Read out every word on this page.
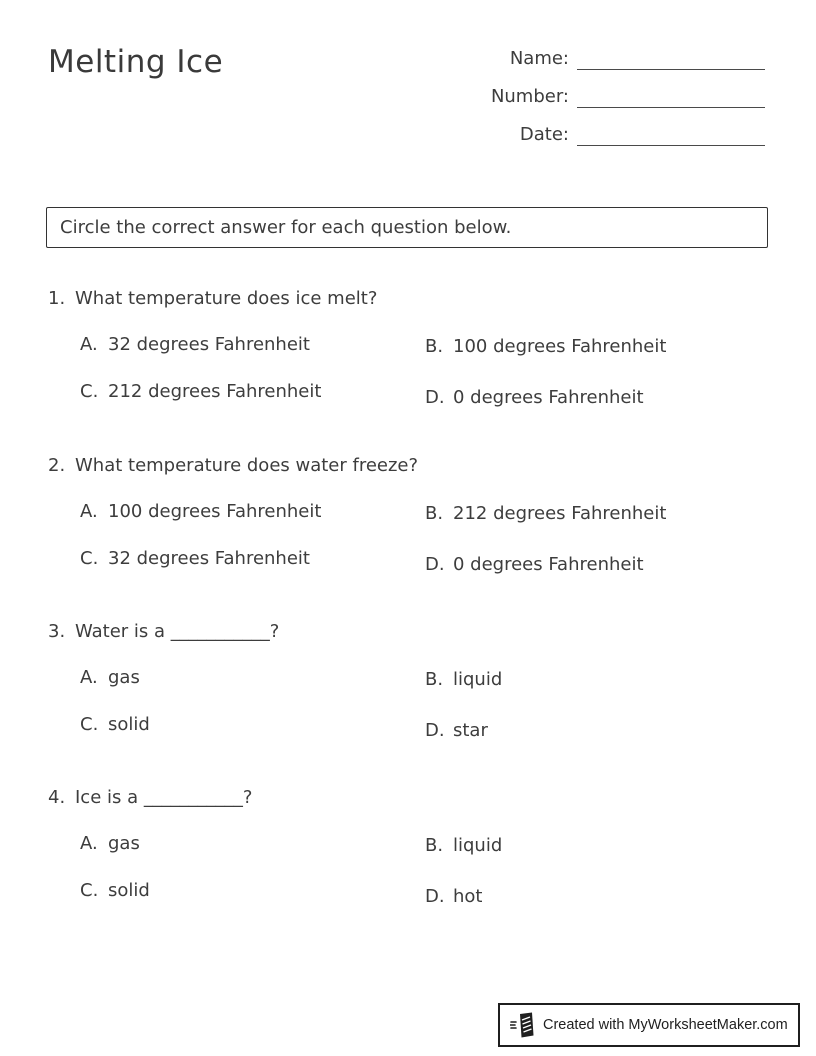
Melting Ice	Name:
Number:
Date:
Circle the correct answer for each question below.
1. What temperature does ice melt?
A. 32 degrees Fahrenheit	B. 100 degrees Fahrenheit
C. 212 degrees Fahrenheit	D. 0 degrees Fahrenheit
2. What temperature does water freeze?
A. 100 degrees Fahrenheit	B. 212 degrees Fahrenheit
C. 32 degrees Fahrenheit	D. 0 degrees Fahrenheit
3. Water is a ___________?
A. gas	B. liquid
C. solid	D. star
4. Ice is a ___________?
A. gas	B. liquid
C. solid	D. hot
Created with MyWorksheetMaker.com
